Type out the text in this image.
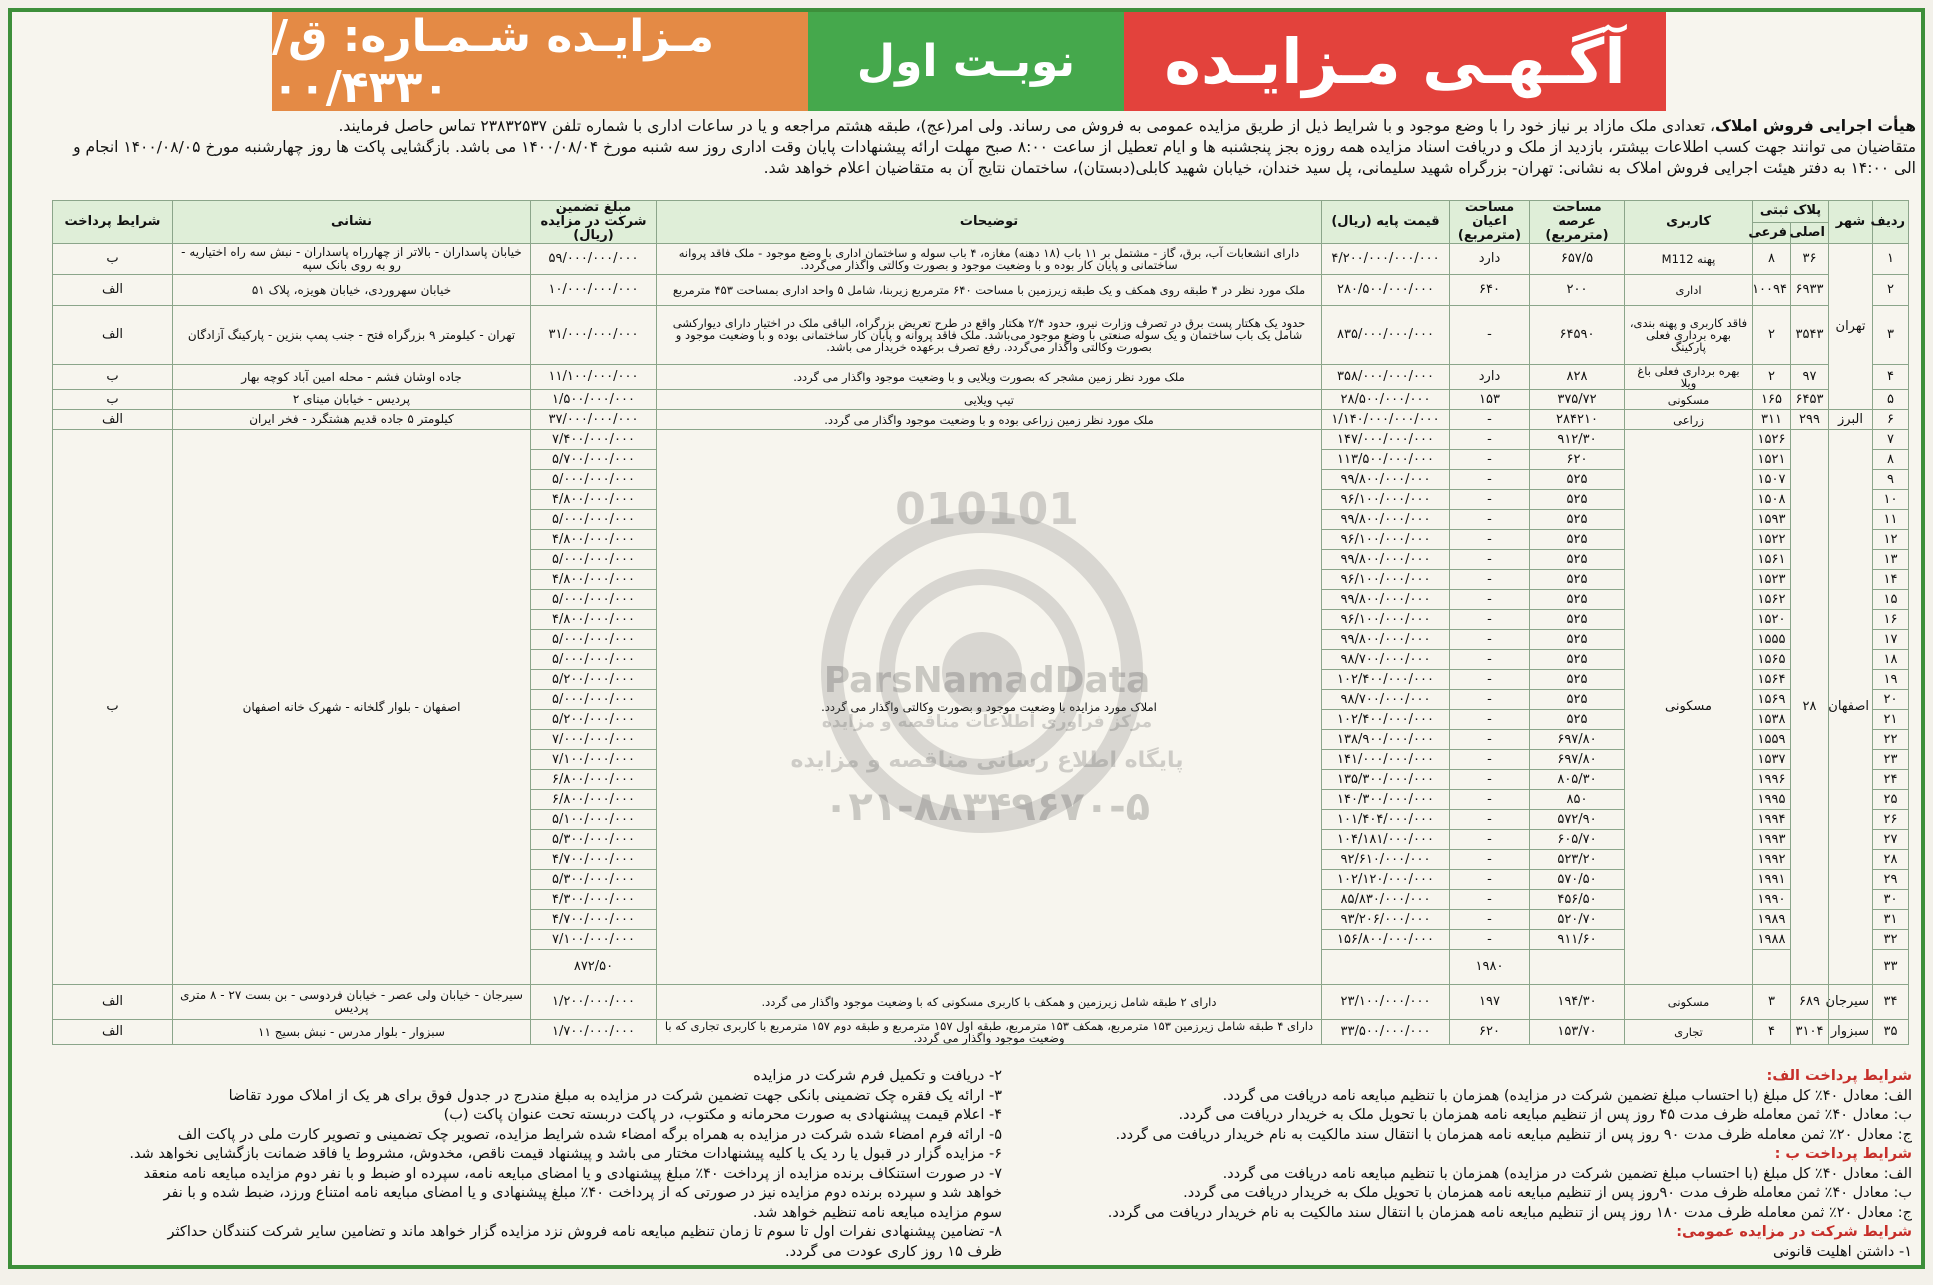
مـزایـده شـمـاره: ق/۰۰/۴۳۳۰	نوبـت اول	آگـهـی مـزایـده
هیأت اجرایی فروش املاک، تعدادی ملک مازاد بر نیاز خود را با وضع موجود و با شرایط ذیل از طریق مزایده عمومی به فروش می رساند. ولی امر(عج)، طبقه هشتم مراجعه و یا در ساعات اداری با شماره تلفن ۲۳۸۳۲۵۳۷ تماس حاصل فرمایند.
متقاضیان می توانند جهت کسب اطلاعات بیشتر، بازدید از ملک و دریافت اسناد مزایده همه روزه بجز پنجشنبه ها و ایام تعطیل از ساعت ۸:۰۰ صبح مهلت ارائه پیشنهادات پایان وقت اداری روز سه شنبه مورخ ۱۴۰۰/۰۸/۰۴ می باشد. بازگشایی پاکت ها روز چهارشنبه مورخ ۱۴۰۰/۰۸/۰۵ انجام و
الی ۱۴:۰۰ به دفتر هیئت اجرایی فروش املاک به نشانی: تهران- بزرگراه شهید سلیمانی، پل سید خندان، خیابان شهید کابلی(دبستان)، ساختمان نتایج آن به متقاضیان اعلام خواهد شد.
ردیف	شهر	پلاک ثبتی		کاربری	مساحت عرصه (مترمربع)	مساحت اعیان (مترمربع)	قیمت پایه (ریال)	توضیحات	مبلغ تضمین شرکت در مزایده (ریال)	نشانی	شرایط پرداخت	
		اصلی	فرعی									
۱	تهران	۳۶	۸	پهنه M112	۶۵۷/۵	دارد	۴/۲۰۰/۰۰۰/۰۰۰/۰۰۰	دارای انشعابات آب، برق، گاز - مشتمل بر ۱۱ باب (۱۸ دهنه) مغازه، ۴ باب سوله و ساختمان اداری با وضع موجود - ملک فاقد پروانه ساختمانی و پایان کار بوده و با وضعیت موجود و بصورت وکالتی واگذار می‌گردد.	۵۹/۰۰۰/۰۰۰/۰۰۰	خیابان پاسداران - بالاتر از چهارراه پاسداران - نبش سه راه اختیاریه - رو به روی بانک سپه	ب	
۲		۶۹۳۳	۱۰۰۹۴	اداری	۲۰۰	۶۴۰	۲۸۰/۵۰۰/۰۰۰/۰۰۰	ملک مورد نظر در ۴ طبقه روی همکف و یک طبقه زیرزمین با مساحت ۶۴۰ مترمربع زیربنا، شامل ۵ واحد اداری بمساحت ۴۵۳ مترمربع	۱۰/۰۰۰/۰۰۰/۰۰۰	خیابان سهروردی، خیابان هویزه، پلاک ۵۱	الف	
۳		۳۵۴۳	۲	فاقد کاربری و پهنه بندی، بهره برداری فعلی پارکینگ	۶۴۵۹۰	-	۸۳۵/۰۰۰/۰۰۰/۰۰۰	حدود یک هکتار پست برق در تصرف وزارت نیرو، حدود ۲/۴ هکتار واقع در طرح تعریض بزرگراه، الباقی ملک در اختیار دارای دیوارکشی شامل یک باب ساختمان و یک سوله صنعتی با وضع موجود می‌باشد. ملک فاقد پروانه و پایان کار ساختمانی بوده و با وضعیت موجود و بصورت وکالتی واگذار می‌گردد. رفع تصرف برعهده خریدار می باشد.	۳۱/۰۰۰/۰۰۰/۰۰۰	تهران - کیلومتر ۹ بزرگراه فتح - جنب پمپ بنزین - پارکینگ آزادگان	الف	
۴		۹۷	۲	بهره برداری فعلی باغ ویلا	۸۲۸	دارد	۳۵۸/۰۰۰/۰۰۰/۰۰۰	ملک مورد نظر زمین مشجر که بصورت ویلایی و با وضعیت موجود واگذار می گردد.	۱۱/۱۰۰/۰۰۰/۰۰۰	جاده اوشان فشم - محله امین آباد کوچه بهار	ب	
۵		۶۴۵۳	۱۶۵	مسکونی	۳۷۵/۷۲	۱۵۳	۲۸/۵۰۰/۰۰۰/۰۰۰	تیپ ویلایی	۱/۵۰۰/۰۰۰/۰۰۰	پردیس - خیابان مینای ۲	ب	
۶	البرز	۲۹۹	۳۱۱	زراعی	۲۸۴۲۱۰	-	۱/۱۴۰/۰۰۰/۰۰۰/۰۰۰	ملک مورد نظر زمین زراعی بوده و با وضعیت موجود واگذار می گردد.	۳۷/۰۰۰/۰۰۰/۰۰۰	کیلومتر ۵ جاده قدیم هشتگرد - فخر ایران	الف	
۷	اصفهان	۲۸	۱۵۲۶	مسکونی	۹۱۲/۳۰	-	۱۴۷/۰۰۰/۰۰۰/۰۰۰	املاک مورد مزایده با وضعیت موجود و بصورت وکالتی واگذار می گردد.	۷/۴۰۰/۰۰۰/۰۰۰	اصفهان - بلوار گلخانه - شهرک خانه اصفهان	ب	
۸			۱۵۲۱		۶۲۰	-	۱۱۳/۵۰۰/۰۰۰/۰۰۰		۵/۷۰۰/۰۰۰/۰۰۰			
۹			۱۵۰۷		۵۲۵	-	۹۹/۸۰۰/۰۰۰/۰۰۰		۵/۰۰۰/۰۰۰/۰۰۰			
۱۰			۱۵۰۸		۵۲۵	-	۹۶/۱۰۰/۰۰۰/۰۰۰		۴/۸۰۰/۰۰۰/۰۰۰			
۱۱			۱۵۹۳		۵۲۵	-	۹۹/۸۰۰/۰۰۰/۰۰۰		۵/۰۰۰/۰۰۰/۰۰۰			
۱۲			۱۵۲۲		۵۲۵	-	۹۶/۱۰۰/۰۰۰/۰۰۰		۴/۸۰۰/۰۰۰/۰۰۰			
۱۳			۱۵۶۱		۵۲۵	-	۹۹/۸۰۰/۰۰۰/۰۰۰		۵/۰۰۰/۰۰۰/۰۰۰			
۱۴			۱۵۲۳		۵۲۵	-	۹۶/۱۰۰/۰۰۰/۰۰۰		۴/۸۰۰/۰۰۰/۰۰۰			
۱۵			۱۵۶۲		۵۲۵	-	۹۹/۸۰۰/۰۰۰/۰۰۰		۵/۰۰۰/۰۰۰/۰۰۰			
۱۶			۱۵۲۰		۵۲۵	-	۹۶/۱۰۰/۰۰۰/۰۰۰		۴/۸۰۰/۰۰۰/۰۰۰			
۱۷			۱۵۵۵		۵۲۵	-	۹۹/۸۰۰/۰۰۰/۰۰۰		۵/۰۰۰/۰۰۰/۰۰۰			
۱۸			۱۵۶۵		۵۲۵	-	۹۸/۷۰۰/۰۰۰/۰۰۰		۵/۰۰۰/۰۰۰/۰۰۰			
۱۹			۱۵۶۴		۵۲۵	-	۱۰۲/۴۰۰/۰۰۰/۰۰۰		۵/۲۰۰/۰۰۰/۰۰۰			
۲۰			۱۵۶۹		۵۲۵	-	۹۸/۷۰۰/۰۰۰/۰۰۰		۵/۰۰۰/۰۰۰/۰۰۰			
۲۱			۱۵۳۸		۵۲۵	-	۱۰۲/۴۰۰/۰۰۰/۰۰۰		۵/۲۰۰/۰۰۰/۰۰۰			
۲۲			۱۵۵۹		۶۹۷/۸۰	-	۱۳۸/۹۰۰/۰۰۰/۰۰۰		۷/۰۰۰/۰۰۰/۰۰۰			
۲۳			۱۵۳۷		۶۹۷/۸۰	-	۱۴۱/۰۰۰/۰۰۰/۰۰۰		۷/۱۰۰/۰۰۰/۰۰۰			
۲۴			۱۹۹۶		۸۰۵/۳۰	-	۱۳۵/۳۰۰/۰۰۰/۰۰۰		۶/۸۰۰/۰۰۰/۰۰۰			
۲۵			۱۹۹۵		۸۵۰	-	۱۴۰/۳۰۰/۰۰۰/۰۰۰		۶/۸۰۰/۰۰۰/۰۰۰			
۲۶			۱۹۹۴		۵۷۲/۹۰	-	۱۰۱/۴۰۴/۰۰۰/۰۰۰		۵/۱۰۰/۰۰۰/۰۰۰			
۲۷			۱۹۹۳		۶۰۵/۷۰	-	۱۰۴/۱۸۱/۰۰۰/۰۰۰		۵/۳۰۰/۰۰۰/۰۰۰			
۲۸			۱۹۹۲		۵۲۳/۲۰	-	۹۲/۶۱۰/۰۰۰/۰۰۰		۴/۷۰۰/۰۰۰/۰۰۰			
۲۹			۱۹۹۱		۵۷۰/۵۰	-	۱۰۲/۱۲۰/۰۰۰/۰۰۰		۵/۳۰۰/۰۰۰/۰۰۰			
۳۰			۱۹۹۰		۴۵۶/۵۰	-	۸۵/۸۳۰/۰۰۰/۰۰۰		۴/۳۰۰/۰۰۰/۰۰۰			
۳۱			۱۹۸۹		۵۲۰/۷۰	-	۹۳/۲۰۶/۰۰۰/۰۰۰		۴/۷۰۰/۰۰۰/۰۰۰			
۳۲			۱۹۸۸		۹۱۱/۶۰	-	۱۵۶/۸۰۰/۰۰۰/۰۰۰		۷/۱۰۰/۰۰۰/۰۰۰			
۳۳						۱۹۸۰			۸۷۲/۵۰						
۳۴	سیرجان	۶۸۹	۳	مسکونی	۱۹۴/۳۰	۱۹۷	۲۳/۱۰۰/۰۰۰/۰۰۰	دارای ۲ طبقه شامل زیرزمین و همکف با کاربری مسکونی که با وضعیت موجود واگذار می گردد.	۱/۲۰۰/۰۰۰/۰۰۰	سیرجان - خیابان ولی عصر - خیابان فردوسی - بن بست ۲۷ - ۸ متری پردیس	الف	
۳۵	سبزوار	۳۱۰۴	۴	تجاری	۱۵۳/۷۰	۶۲۰	۳۳/۵۰۰/۰۰۰/۰۰۰	دارای ۴ طبقه شامل زیرزمین ۱۵۳ مترمربع، همکف ۱۵۳ مترمربع، طبقه اول ۱۵۷ مترمربع و طبقه دوم ۱۵۷ مترمربع با کاربری تجاری که با وضعیت موجود واگذار می گردد.	۱/۷۰۰/۰۰۰/۰۰۰	سبزوار - بلوار مدرس - نبش بسیج ۱۱	الف	
010101
ParsNamadData
مرکز فراوری اطلاعات مناقصه و مزایده
پایگاه اطلاع رسانی مناقصه و مزایده
۰۲۱-۸۸۳۴۹۶۷۰-۵
شرایط پرداخت الف:
الف: معادل ۴۰٪ کل مبلغ (با احتساب مبلغ تضمین شرکت در مزایده) همزمان با تنظیم مبایعه نامه دریافت می گردد.
ب: معادل ۴۰٪ ثمن معامله ظرف مدت ۴۵ روز پس از تنظیم مبایعه نامه همزمان با تحویل ملک به خریدار دریافت می گردد.
ج: معادل ۲۰٪ ثمن معامله ظرف مدت ۹۰ روز پس از تنظیم مبایعه نامه همزمان با انتقال سند مالکیت به نام خریدار دریافت می گردد.
شرایط پرداخت ب :
الف: معادل ۴۰٪ کل مبلغ (با احتساب مبلغ تضمین شرکت در مزایده) همزمان با تنظیم مبایعه نامه دریافت می گردد.
ب: معادل ۴۰٪ ثمن معامله ظرف مدت ۹۰روز پس از تنظیم مبایعه نامه همزمان با تحویل ملک به خریدار دریافت می گردد.
ج: معادل ۲۰٪ ثمن معامله ظرف مدت ۱۸۰ روز پس از تنظیم مبایعه نامه همزمان با انتقال سند مالکیت به نام خریدار دریافت می گردد.
شرایط شرکت در مزایده عمومی:
۱- داشتن اهلیت قانونی
۲- دریافت و تکمیل فرم شرکت در مزایده
۳- ارائه یک فقره چک تضمینی بانکی جهت تضمین شرکت در مزایده به مبلغ مندرج در جدول فوق برای هر یک از املاک مورد تقاضا
۴- اعلام قیمت پیشنهادی به صورت محرمانه و مکتوب، در پاکت دربسته تحت عنوان پاکت (ب)
۵- ارائه فرم امضاء شده شرکت در مزایده به همراه برگه امضاء شده شرایط مزایده، تصویر چک تضمینی و تصویر کارت ملی در پاکت الف
۶- مزایده گزار در قبول یا رد یک یا کلیه پیشنهادات مختار می باشد و پیشنهاد قیمت ناقص، مخدوش، مشروط یا فاقد ضمانت بازگشایی نخواهد شد.
۷- در صورت استنکاف برنده مزایده از پرداخت ۴۰٪ مبلغ پیشنهادی و یا امضای مبایعه نامه، سپرده او ضبط و با نفر دوم مزایده مبایعه نامه منعقد
خواهد شد و سپرده برنده دوم مزایده نیز در صورتی که از پرداخت ۴۰٪ مبلغ پیشنهادی و یا امضای مبایعه نامه امتناع ورزد، ضبط شده و با نفر
سوم مزایده مبایعه نامه تنظیم خواهد شد.
۸- تضامین پیشنهادی نفرات اول تا سوم تا زمان تنظیم مبایعه نامه فروش نزد مزایده گزار خواهد ماند و تضامین سایر شرکت کنندگان حداکثر
ظرف ۱۵ روز کاری عودت می گردد.
